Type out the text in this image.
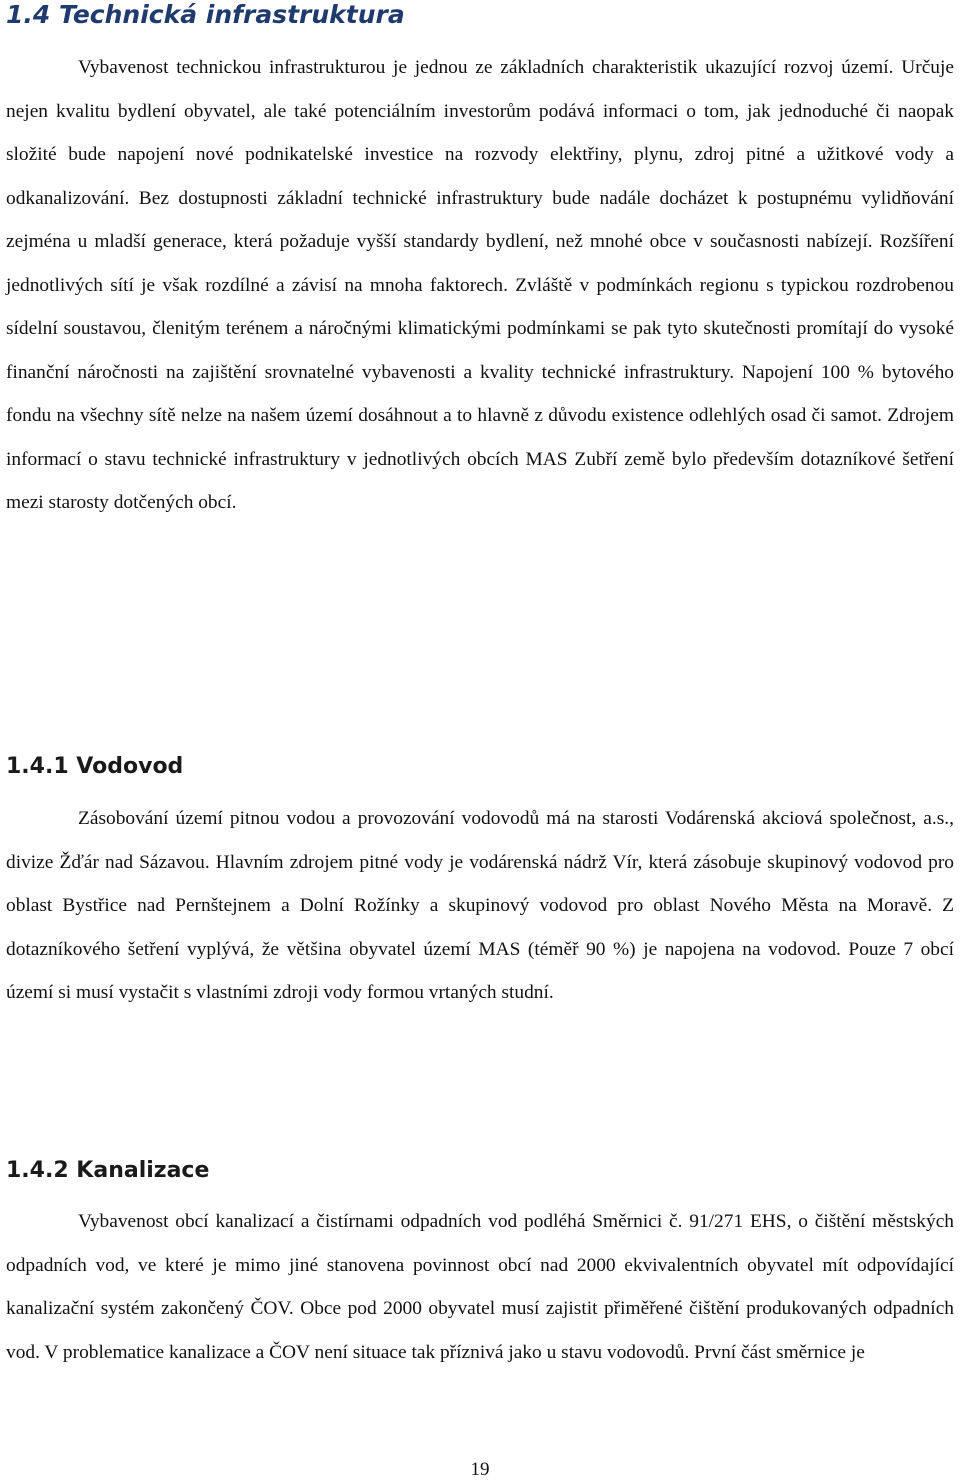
1.4 Technická infrastruktura

Vybavenost technickou infrastrukturou je jednou ze základních charakteristik ukazující rozvoj území. Určuje nejen kvalitu bydlení obyvatel, ale také potenciálním investorům podává informaci o tom, jak jednoduché či naopak složité bude napojení nové podnikatelské investice na rozvody elektřiny, plynu, zdroj pitné a užitkové vody a odkanalizování. Bez dostupnosti základní technické infrastruktury bude nadále docházet k postupnému vylidňování zejména u mladší generace, která požaduje vyšší standardy bydlení, než mnohé obce v současnosti nabízejí. Rozšíření jednotlivých sítí je však rozdílné a závisí na mnoha faktorech. Zvláště v podmínkách regionu s typickou rozdrobenou sídelní soustavou, členitým terénem a náročnými klimatickými podmínkami se pak tyto skutečnosti promítají do vysoké finanční náročnosti na zajištění srovnatelné vybavenosti a kvality technické infrastruktury. Napojení 100 % bytového fondu na všechny sítě nelze na našem území dosáhnout a to hlavně z důvodu existence odlehlých osad či samot. Zdrojem informací o stavu technické infrastruktury v jednotlivých obcích MAS Zubří země bylo především dotazníkové šetření mezi starosty dotčených obcí.

1.4.1 Vodovod

Zásobování území pitnou vodou a provozování vodovodů má na starosti Vodárenská akciová společnost, a.s., divize Žďár nad Sázavou. Hlavním zdrojem pitné vody je vodárenská nádrž Vír, která zásobuje skupinový vodovod pro oblast Bystřice nad Pernštejnem a Dolní Rožínky a skupinový vodovod pro oblast Nového Města na Moravě. Z dotazníkového šetření vyplývá, že většina obyvatel území MAS (téměř 90 %) je napojena na vodovod. Pouze 7 obcí území si musí vystačit s vlastními zdroji vody formou vrtaných studní.

1.4.2 Kanalizace

Vybavenost obcí kanalizací a čistírnami odpadních vod podléhá Směrnici č. 91/271 EHS, o čištění městských odpadních vod, ve které je mimo jiné stanovena povinnost obcí nad 2000 ekvivalentních obyvatel mít odpovídající kanalizační systém zakončený ČOV. Obce pod 2000 obyvatel musí zajistit přiměřené čištění produkovaných odpadních vod. V problematice kanalizace a ČOV není situace tak příznivá jako u stavu vodovodů. První část směrnice je

19
